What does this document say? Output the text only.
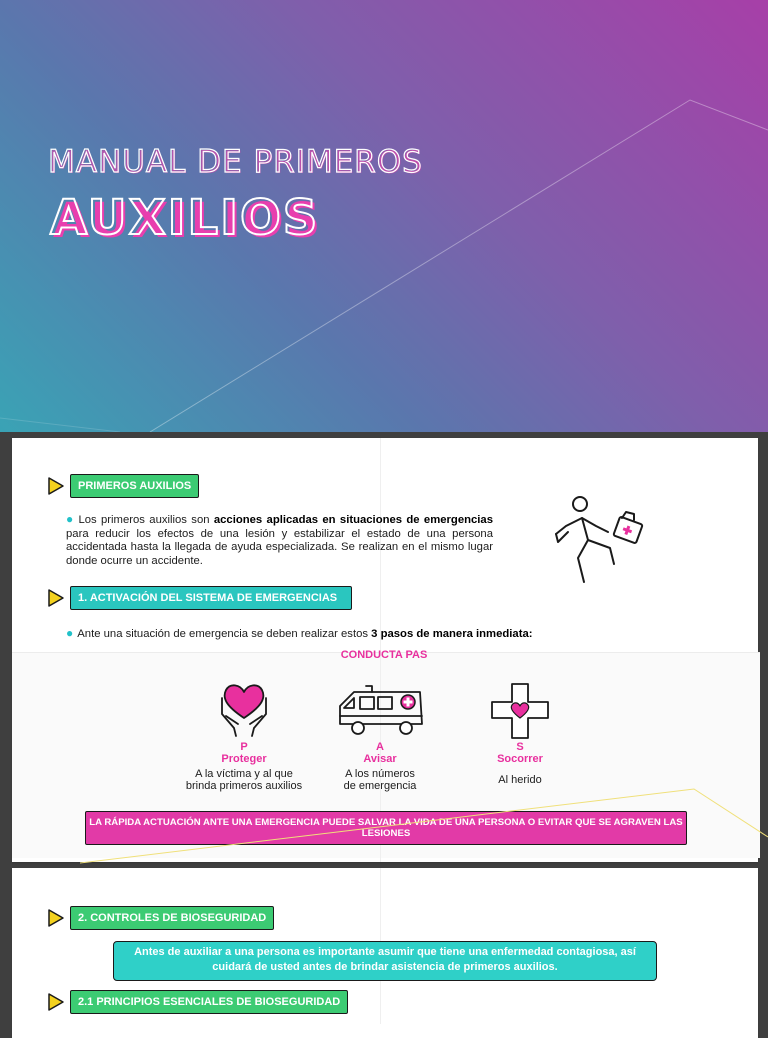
MANUAL DE PRIMEROS
AUXILIOS
PRIMEROS AUXILIOS
● Los primeros auxilios son acciones aplicadas en situaciones de emergencias para reducir los efectos de una lesión y estabilizar el estado de una persona accidentada hasta la llegada de ayuda especializada. Se realizan en el mismo lugar donde ocurre un accidente.
1. ACTIVACIÓN DEL SISTEMA DE EMERGENCIAS
● Ante una situación de emergencia se deben realizar estos 3 pasos de manera inmediata:
CONDUCTA PAS
P
Proteger
A la víctima y al que brinda primeros auxilios
A
Avisar
A los números de emergencia
S
Socorrer
Al herido
LA RÁPIDA ACTUACIÓN ANTE UNA EMERGENCIA PUEDE SALVAR LA VIDA DE UNA PERSONA O EVITAR QUE SE AGRAVEN LAS LESIONES
2. CONTROLES DE BIOSEGURIDAD
Antes de auxiliar a una persona es importante asumir que tiene una enfermedad contagiosa, así cuidará de usted antes de brindar asistencia de primeros auxilios.
2.1 PRINCIPIOS ESENCIALES DE BIOSEGURIDAD
